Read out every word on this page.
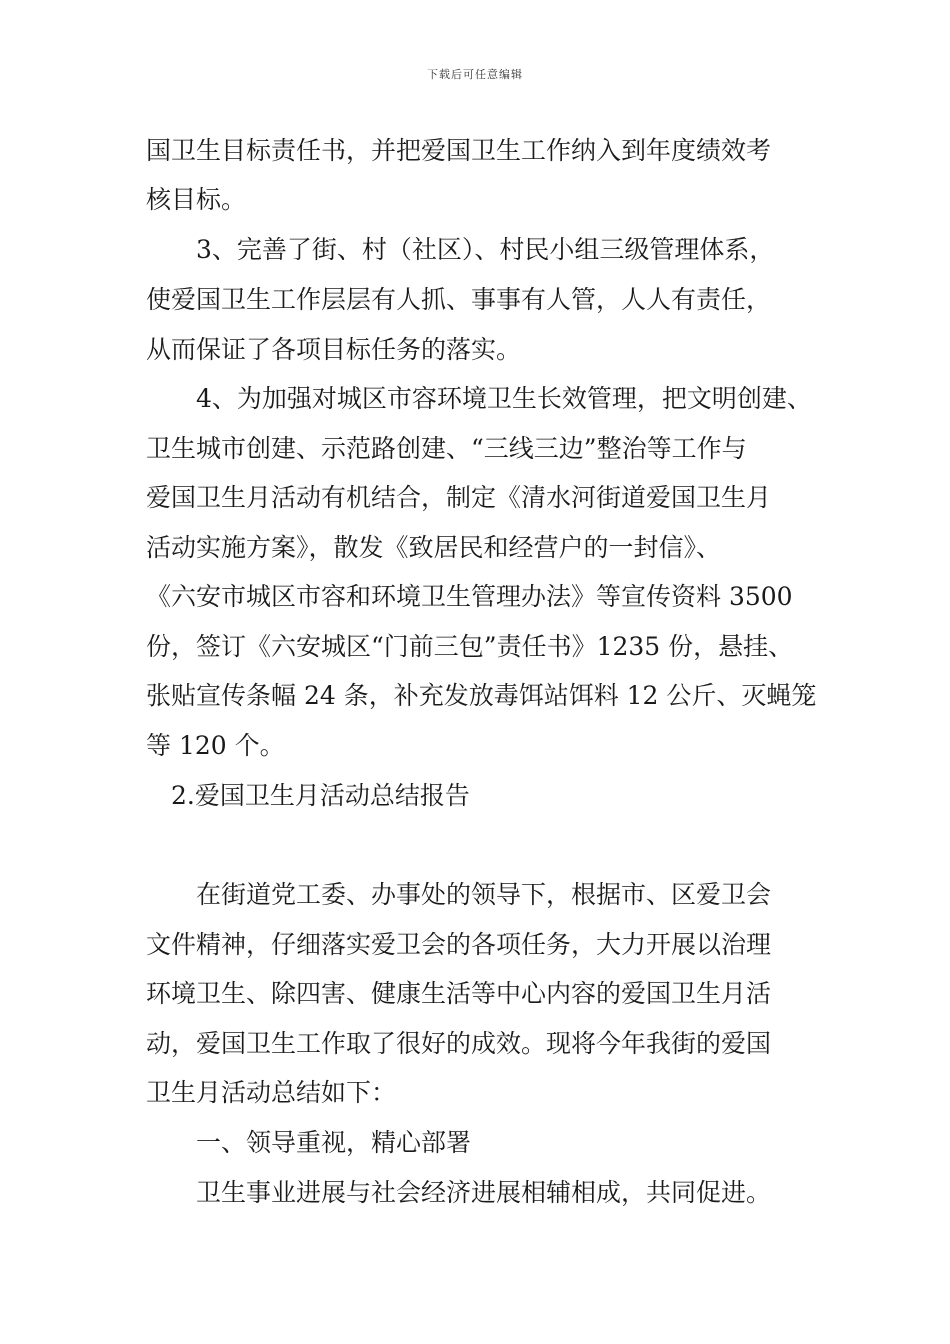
下载后可任意编辑
国卫生目标责任书，并把爱国卫生工作纳入到年度绩效考
核目标。
3、完善了街、村（社区）、村民小组三级管理体系，
使爱国卫生工作层层有人抓、事事有人管，人人有责任，
从而保证了各项目标任务的落实。
4、为加强对城区市容环境卫生长效管理，把文明创建、
卫生城市创建、示范路创建、“三线三边”整治等工作与
爱国卫生月活动有机结合，制定《清水河街道爱国卫生月
活动实施方案》，散发《致居民和经营户的一封信》、
《六安市城区市容和环境卫生管理办法》等宣传资料 3500
份，签订《六安城区“门前三包”责任书》1235 份，悬挂、
张贴宣传条幅 24 条，补充发放毒饵站饵料 12 公斤、灭蝇笼
等 120 个。
2.爱国卫生月活动总结报告
在街道党工委、办事处的领导下，根据市、区爱卫会
文件精神，仔细落实爱卫会的各项任务，大力开展以治理
环境卫生、除四害、健康生活等中心内容的爱国卫生月活
动，爱国卫生工作取了很好的成效。现将今年我街的爱国
卫生月活动总结如下：
一、领导重视，精心部署
卫生事业进展与社会经济进展相辅相成，共同促进。
